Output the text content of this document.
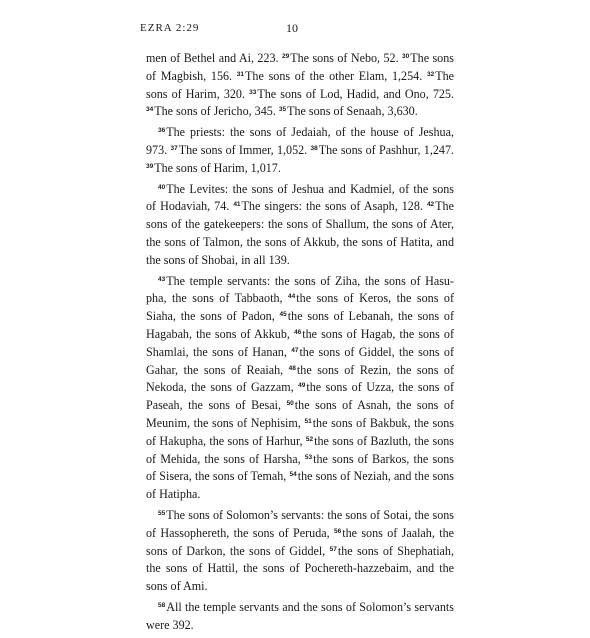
EZRA 2:29	10

men of Bethel and Ai, 223. $^{29}$The sons of Nebo, 52. $^{30}$The sons of Magbish, 156. $^{31}$The sons of the other Elam, 1,254. $^{32}$The sons of Harim, 320. $^{33}$The sons of Lod, Hadid, and Ono, 725. $^{34}$The sons of Jericho, 345. $^{35}$The sons of Senaah, 3,630.

$^{36}$The priests: the sons of Jedaiah, of the house of Jeshua, 973. $^{37}$The sons of Immer, 1,052. $^{38}$The sons of Pashhur, 1,247. $^{39}$The sons of Harim, 1,017.

$^{40}$The Levites: the sons of Jeshua and Kadmiel, of the sons of Hodaviah, 74. $^{41}$The singers: the sons of Asaph, 128. $^{42}$The sons of the gatekeepers: the sons of Shallum, the sons of Ater, the sons of Talmon, the sons of Akkub, the sons of Hatita, and the sons of Shobai, in all 139.

$^{43}$The temple servants: the sons of Ziha, the sons of Hasupha, the sons of Tabbaoth, $^{44}$the sons of Keros, the sons of Siaha, the sons of Padon, $^{45}$the sons of Lebanah, the sons of Hagabah, the sons of Akkub, $^{46}$the sons of Hagab, the sons of Shamlai, the sons of Hanan, $^{47}$the sons of Giddel, the sons of Gahar, the sons of Reaiah, $^{48}$the sons of Rezin, the sons of Nekoda, the sons of Gazzam, $^{49}$the sons of Uzza, the sons of Paseah, the sons of Besai, $^{50}$the sons of Asnah, the sons of Meunim, the sons of Nephisim, $^{51}$the sons of Bakbuk, the sons of Hakupha, the sons of Harhur, $^{52}$the sons of Bazluth, the sons of Mehida, the sons of Harsha, $^{53}$the sons of Barkos, the sons of Sisera, the sons of Temah, $^{54}$the sons of Neziah, and the sons of Hatipha.

$^{55}$The sons of Solomon’s servants: the sons of Sotai, the sons of Hassophereth, the sons of Peruda, $^{56}$the sons of Jaalah, the sons of Darkon, the sons of Giddel, $^{57}$the sons of Shephatiah, the sons of Hattil, the sons of Pochereth-hazzebaim, and the sons of Ami.

$^{58}$All the temple servants and the sons of Solomon’s servants were 392.
